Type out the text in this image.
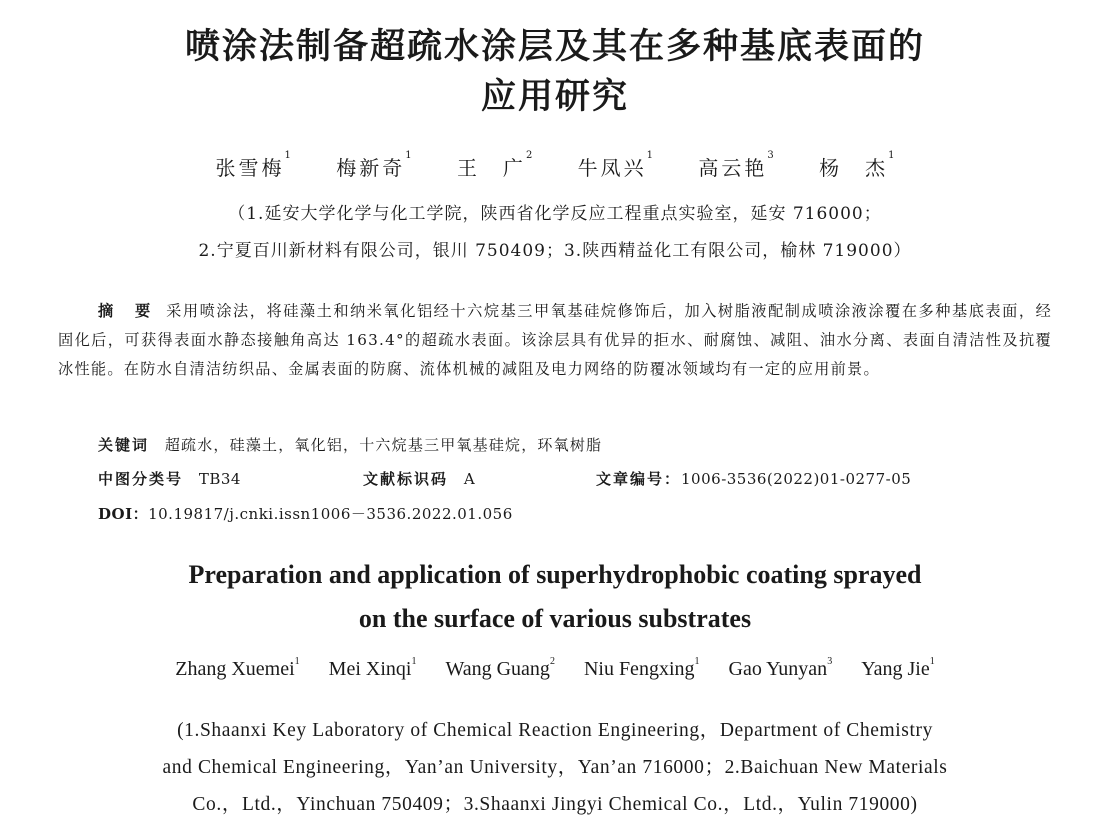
喷涂法制备超疏水涂层及其在多种基底表面的
应用研究
张雪梅$^1$ 梅新奇$^1$ 王　广$^2$ 牛凤兴$^1$ 高云艳$^3$ 杨　杰$^1$
（1.延安大学化学与化工学院，陕西省化学反应工程重点实验室，延安 716000；
2.宁夏百川新材料有限公司，银川 750409；3.陕西精益化工有限公司，榆林 719000）
摘　要 采用喷涂法，将硅藻土和纳米氧化铝经十六烷基三甲氧基硅烷修饰后，加入树脂液配制成喷涂液涂覆在多种基底表面，经固化后，可获得表面水静态接触角高达 163.4°的超疏水表面。该涂层具有优异的拒水、耐腐蚀、减阻、油水分离、表面自清洁性及抗覆冰性能。在防水自清洁纺织品、金属表面的防腐、流体机械的减阻及电力网络的防覆冰领域均有一定的应用前景。
关键词 超疏水，硅藻土，氧化铝，十六烷基三甲氧基硅烷，环氧树脂
中图分类号 TB34	文献标识码 A	文章编号：1006-3536(2022)01-0277-05
DOI：10.19817/j.cnki.issn1006－3536.2022.01.056
Preparation and application of superhydrophobic coating sprayed
on the surface of various substrates
Zhang Xuemei$^1$ Mei Xinqi$^1$ Wang Guang$^2$ Niu Fengxing$^1$ Gao Yunyan$^3$ Yang Jie$^1$
(1.Shaanxi Key Laboratory of Chemical Reaction Engineering，Department of Chemistry
and Chemical Engineering，Yan’an University，Yan’an 716000；2.Baichuan New Materials
Co.，Ltd.，Yinchuan 750409；3.Shaanxi Jingyi Chemical Co.，Ltd.，Yulin 719000)
